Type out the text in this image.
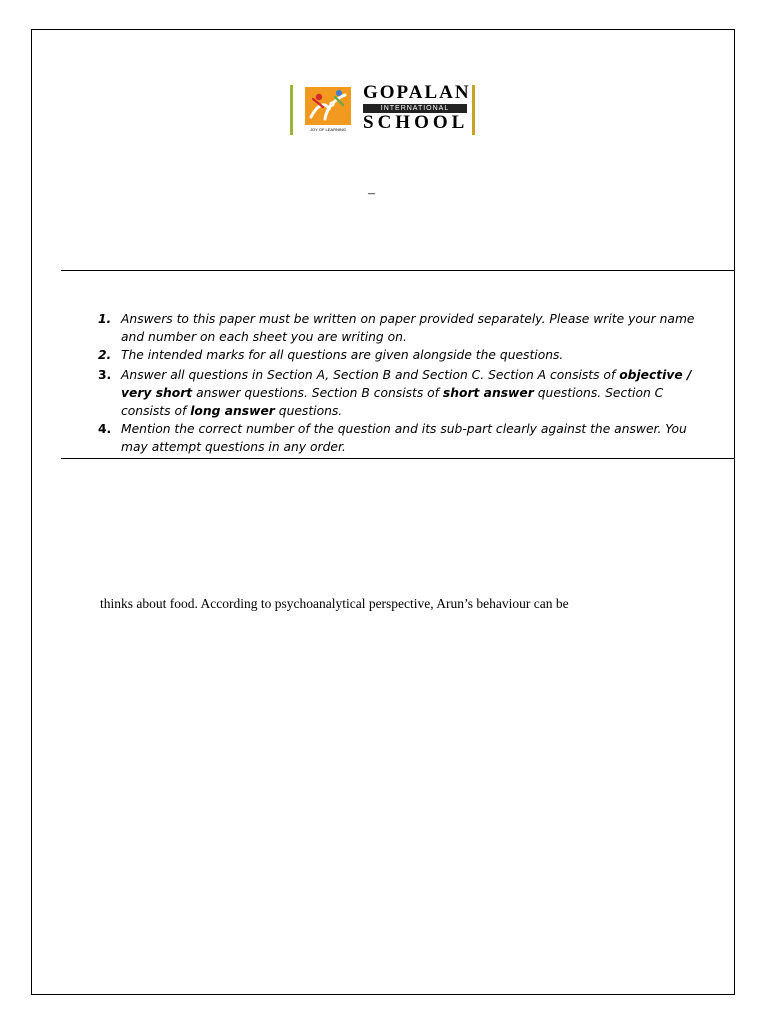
JOY OF LEARNING
GOPALAN
INTERNATIONAL
SCHOOL
–
1. Answers to this paper must be written on paper provided separately. Please write your name and number on each sheet you are writing on.
2. The intended marks for all questions are given alongside the questions.
3. Answer all questions in Section A, Section B and Section C. Section A consists of objective / very short answer questions. Section B consists of short answer questions. Section C consists of long answer questions.
4. Mention the correct number of the question and its sub-part clearly against the answer. You may attempt questions in any order.
thinks about food. According to psychoanalytical perspective, Arun’s behaviour can be
